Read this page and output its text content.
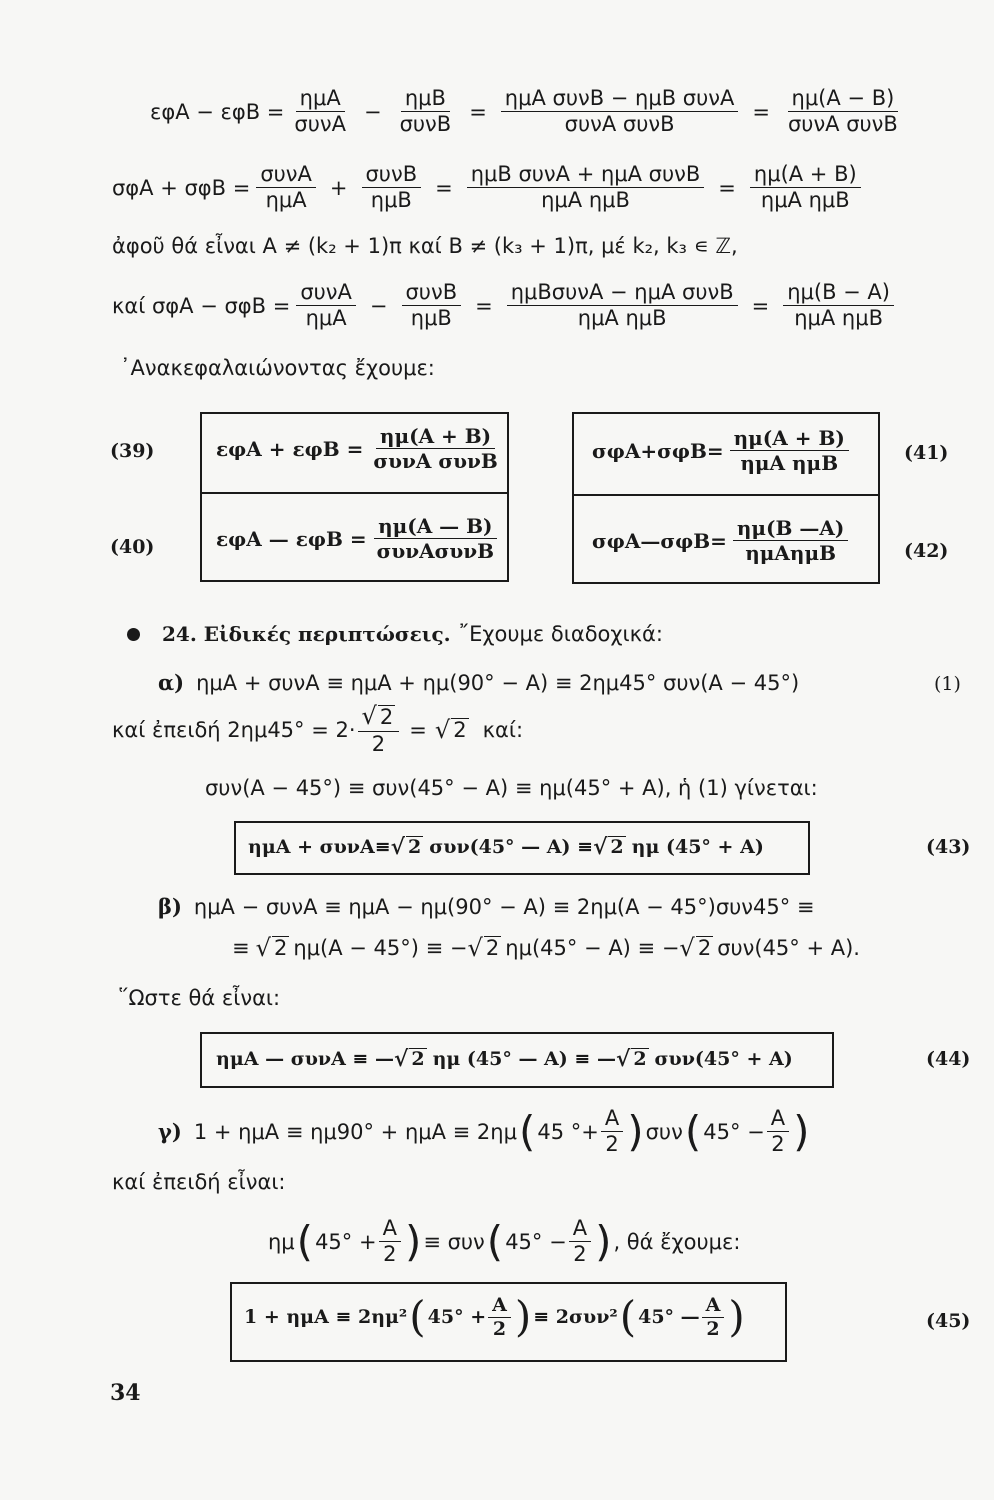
$\varepsilon\varphi A - \varepsilon\varphi B = \frac{\text{ημA}}{\text{συνA}} - \frac{\text{ημB}}{\text{συνB}} = \frac{\text{ημA συνB − ημB συνA}}{\text{συνA συνB}} = \frac{\eta\mu(A - B)}{\text{συνA συνB}}$
$\sigma\varphi A + \sigma\varphi B = \frac{\text{συνA}}{\text{ημA}} + \frac{\text{συνB}}{\text{ημB}} = \frac{\text{ημB συνA + ημA συνB}}{\text{ημA ημB}} = \frac{\eta\mu(A + B)}{\text{ημA ημB}}$
ἀφοῦ θά εἶναι A ≠ (k₂ + 1)π καί B ≠ (k₃ + 1)π, μέ k₂, k₃ ∊ ℤ,
καί $\sigma\varphi A - \sigma\varphi B = \frac{\text{συνA}}{\text{ημA}} - \frac{\text{συνB}}{\text{ημB}} = \frac{\text{ημBσυνA − ημA συνB}}{\text{ημA ημB}} = \frac{\eta\mu(B - A)}{\text{ημA ημB}}$
᾿Ανακεφαλαιώνοντας ἔχουμε:
(39)	$\varepsilon\varphi A + \varepsilon\varphi B = \frac{\eta\mu(A + B)}{\text{συνA συνB}}$
(40)	εφA — $\varepsilon\varphi B = \frac{\eta\mu(A — B)}{\text{συνAσυνB}}$
(41)
$\sigma\varphi A+\sigma\varphi B= \frac{\eta\mu(A + B)}{\text{ημA ημB}}$
(42)
σφA—σφB= $\frac{\eta\mu(B —A)}{\text{ημAημB}}$
24. Εἰδικές περιπτώσεις. ῎Εχουμε διαδοχικά:
α) ημA + συνA ≡ ημA + ημ(90° − A) ≡ 2ημ45° συν(A − 45°)	(1)
καί ἐπειδή $2\eta\mu 45^\circ = 2\cdot \frac{√ 2}{2}$ = √ 2 καί:
συν(A − 45°) ≡ συν(45° − A) ≡ ημ(45° + A), ἡ (1) γίνεται:
ημA + συνA≡ √ 2 συν(45° — A) ≡ √ 2 ημ (45° + A)	(43)
β) ημA − συνA ≡ ημA − ημ(90° − A) ≡ 2ημ(A − 45°)συν45° ≡
≡ √ 2 ημ(A − 45°) ≡ − √ 2 ημ(45° − A) ≡ − √ 2 συν(45° + A).
῞Ωστε θά εἶναι:
ημA — συνA ≡ — √ 2 ημ (45° — A) ≡ — √ 2 συν(45° + A)	(44)
γ) 1 + ημA ≡ ημ90° + ημA ≡ 2ημ ( 45 °+ $\frac{A}{2}$ ) συν ( $45^\circ - \frac{A}{2}$ )
καί ἐπειδή εἶναι:
ημ ( $45^\circ + \frac{A}{2}$ ) ≡ συν ( $45^\circ - \frac{A}{2}$ ) , θά ἔχουμε:
1 + ημA ≡ 2ημ² ( $45^\circ + \frac{A}{2}$ ) ≡ 2συν² ( 45° — $\frac{A}{2}$ )	(45)
34
